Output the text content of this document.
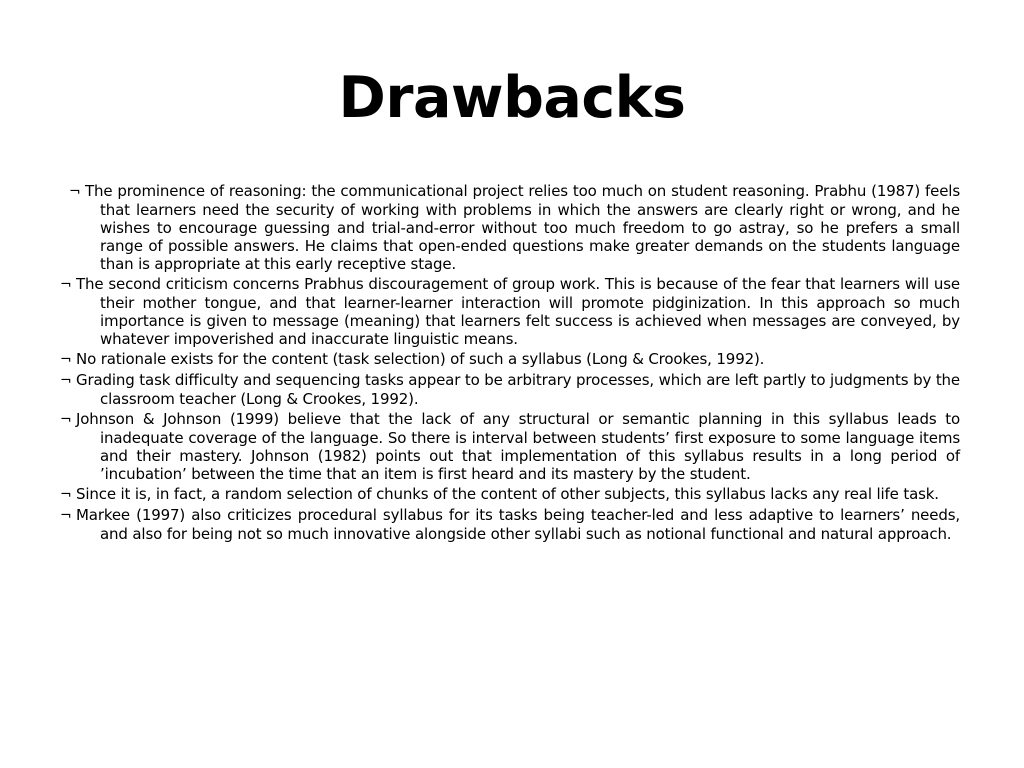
Drawbacks
¬ The prominence of reasoning: the communicational project relies too much on student reasoning. Prabhu (1987) feels that learners need the security of working with problems in which the answers are clearly right or wrong, and he wishes to encourage guessing and trial-and-error without too much freedom to go astray, so he prefers a small range of possible answers. He claims that open-ended questions make greater demands on the students language than is appropriate at this early receptive stage.
¬ The second criticism concerns Prabhus discouragement of group work. This is because of the fear that learners will use their mother tongue, and that learner-learner interaction will promote pidginization. In this approach so much importance is given to message (meaning) that learners felt success is achieved when messages are conveyed, by whatever impoverished and inaccurate linguistic means.
¬ No rationale exists for the content (task selection) of such a syllabus (Long & Crookes, 1992).
¬ Grading task difficulty and sequencing tasks appear to be arbitrary processes, which are left partly to judgments by the classroom teacher (Long & Crookes, 1992).
¬ Johnson & Johnson (1999) believe that the lack of any structural or semantic planning in this syllabus leads to inadequate coverage of the language. So there is interval between students’ first exposure to some language items and their mastery. Johnson (1982) points out that implementation of this syllabus results in a long period of ’incubation’ between the time that an item is first heard and its mastery by the student.
¬ Since it is, in fact, a random selection of chunks of the content of other subjects, this syllabus lacks any real life task.
¬ Markee (1997) also criticizes procedural syllabus for its tasks being teacher-led and less adaptive to learners’ needs, and also for being not so much innovative alongside other syllabi such as notional functional and natural approach.
